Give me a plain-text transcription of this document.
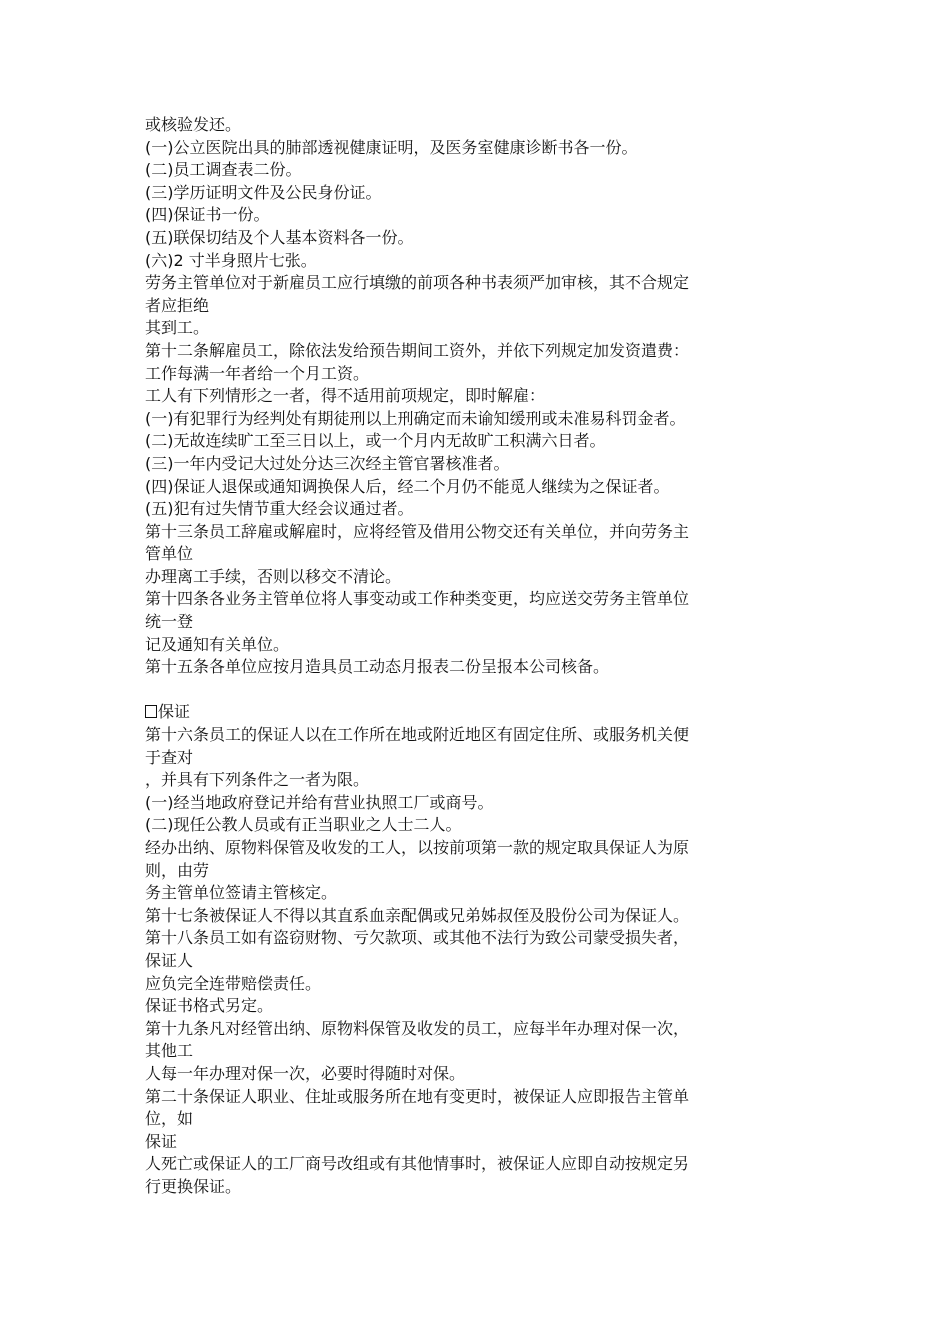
或核验发还。
(一)公立医院出具的肺部透视健康证明，及医务室健康诊断书各一份。
(二)员工调查表二份。
(三)学历证明文件及公民身份证。
(四)保证书一份。
(五)联保切结及个人基本资料各一份。
(六)2 寸半身照片七张。
劳务主管单位对于新雇员工应行填缴的前项各种书表须严加审核，其不合规定
者应拒绝
其到工。
第十二条解雇员工，除依法发给预告期间工资外，并依下列规定加发资遣费：
工作每满一年者给一个月工资。
工人有下列情形之一者，得不适用前项规定，即时解雇：
(一)有犯罪行为经判处有期徒刑以上刑确定而未谕知缓刑或未准易科罚金者。
(二)无故连续旷工至三日以上，或一个月内无故旷工积满六日者。
(三)一年内受记大过处分达三次经主管官署核准者。
(四)保证人退保或通知调换保人后，经二个月仍不能觅人继续为之保证者。
(五)犯有过失情节重大经会议通过者。
第十三条员工辞雇或解雇时，应将经管及借用公物交还有关单位，并向劳务主
管单位
办理离工手续，否则以移交不清论。
第十四条各业务主管单位将人事变动或工作种类变更，均应送交劳务主管单位
统一登
记及通知有关单位。
第十五条各单位应按月造具员工动态月报表二份呈报本公司核备。
保证
第十六条员工的保证人以在工作所在地或附近地区有固定住所、或服务机关便
于查对
，并具有下列条件之一者为限。
(一)经当地政府登记并给有营业执照工厂或商号。
(二)现任公教人员或有正当职业之人士二人。
经办出纳、原物料保管及收发的工人，以按前项第一款的规定取具保证人为原
则，由劳
务主管单位签请主管核定。
第十七条被保证人不得以其直系血亲配偶或兄弟姊叔侄及股份公司为保证人。
第十八条员工如有盗窃财物、亏欠款项、或其他不法行为致公司蒙受损失者，
保证人
应负完全连带赔偿责任。
保证书格式另定。
第十九条凡对经管出纳、原物料保管及收发的员工，应每半年办理对保一次，
其他工
人每一年办理对保一次，必要时得随时对保。
第二十条保证人职业、住址或服务所在地有变更时，被保证人应即报告主管单
位，如
保证
人死亡或保证人的工厂商号改组或有其他情事时，被保证人应即自动按规定另
行更换保证。
